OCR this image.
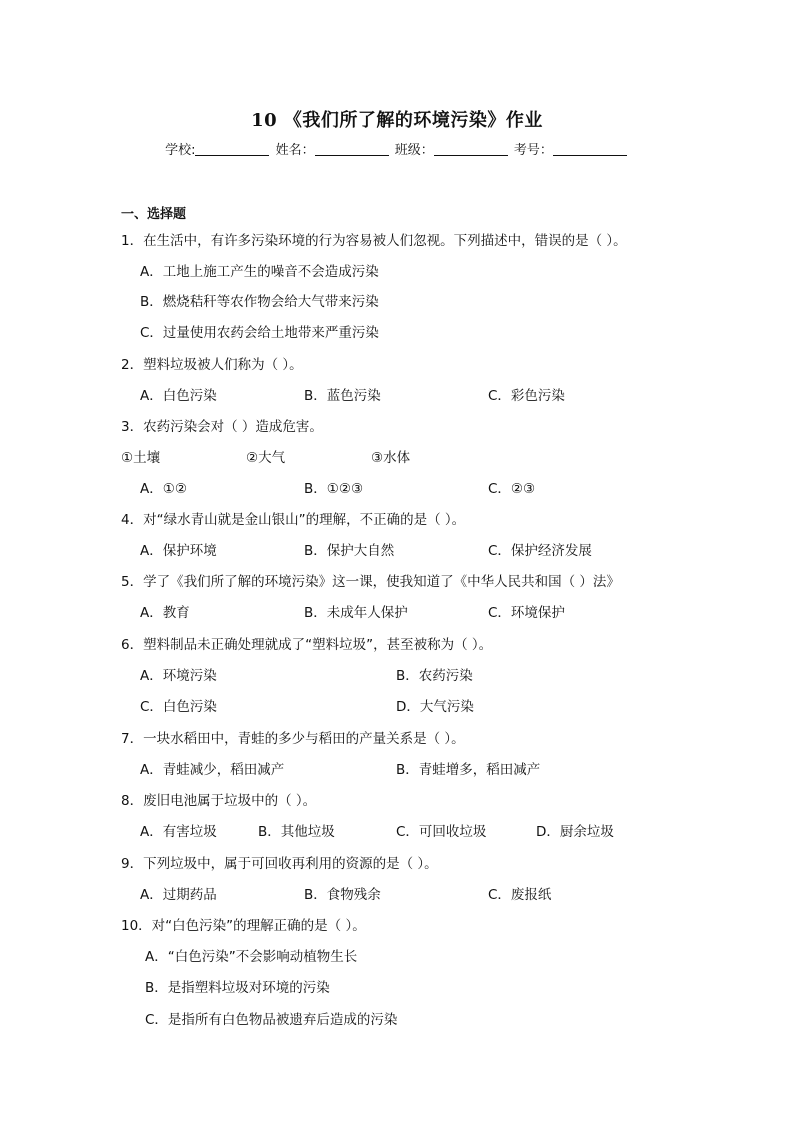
10 《我们所了解的环境污染》作业
学校:	姓名：	班级：	考号：
一、选择题
1．在生活中，有许多污染环境的行为容易被人们忽视。下列描述中，错误的是（ ）。
A．工地上施工产生的噪音不会造成污染
B．燃烧秸秆等农作物会给大气带来污染
C．过量使用农药会给土地带来严重污染
2．塑料垃圾被人们称为（ ）。
A．白色污染	B．蓝色污染	C．彩色污染
3．农药污染会对（ ）造成危害。
①土壤	②大气	③水体
A．①②	B．①②③	C．②③
4．对“绿水青山就是金山银山”的理解，不正确的是（ ）。
A．保护环境	B．保护大自然	C．保护经济发展
5．学了《我们所了解的环境污染》这一课，使我知道了《中华人民共和国（ ）法》
A．教育	B．未成年人保护	C．环境保护
6．塑料制品未正确处理就成了“塑料垃圾”，甚至被称为（ ）。
A．环境污染	B．农药污染
C．白色污染	D．大气污染
7．一块水稻田中，青蛙的多少与稻田的产量关系是（ ）。
A．青蛙减少，稻田减产	B．青蛙增多，稻田减产
8．废旧电池属于垃圾中的（ ）。
A．有害垃圾	B．其他垃圾	C．可回收垃圾	D．厨余垃圾
9．下列垃圾中，属于可回收再利用的资源的是（ ）。
A．过期药品	B．食物残余	C．废报纸
10．对“白色污染”的理解正确的是（ ）。
A．“白色污染”不会影响动植物生长
B．是指塑料垃圾对环境的污染
C．是指所有白色物品被遗弃后造成的污染
